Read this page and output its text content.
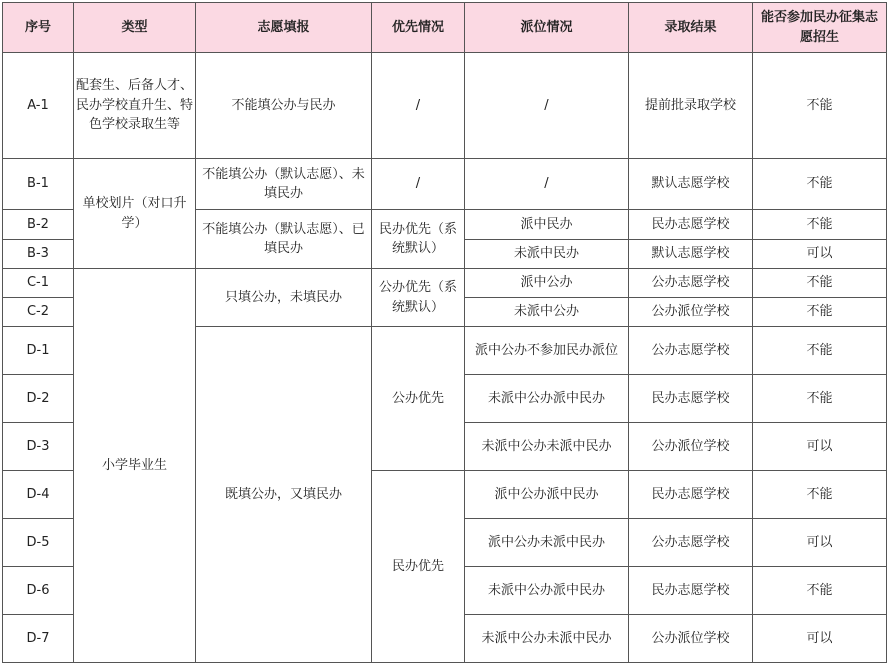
序号	类型	志愿填报	优先情况	派位情况	录取结果	能否参加民办征集志愿招生
A-1	配套生、后备人才、民办学校直升生、特色学校录取生等	不能填公办与民办	/	/	提前批录取学校	不能
B-1	单校划片（对口升学）	不能填公办（默认志愿）、未填民办	/	/	默认志愿学校	不能
B-2		不能填公办（默认志愿）、已填民办	民办优先（系统默认）	派中民办	民办志愿学校	不能
B-3				未派中民办	默认志愿学校	可以
C-1	小学毕业生	只填公办，未填民办	公办优先（系统默认）	派中公办	公办志愿学校	不能
C-2				未派中公办	公办派位学校	不能
D-1		既填公办，又填民办	公办优先	派中公办不参加民办派位	公办志愿学校	不能
D-2				未派中公办派中民办	民办志愿学校	不能
D-3				未派中公办未派中民办	公办派位学校	可以
D-4			民办优先	派中公办派中民办	民办志愿学校	不能
D-5				派中公办未派中民办	公办志愿学校	可以
D-6				未派中公办派中民办	民办志愿学校	不能
D-7				未派中公办未派中民办	公办派位学校	可以
